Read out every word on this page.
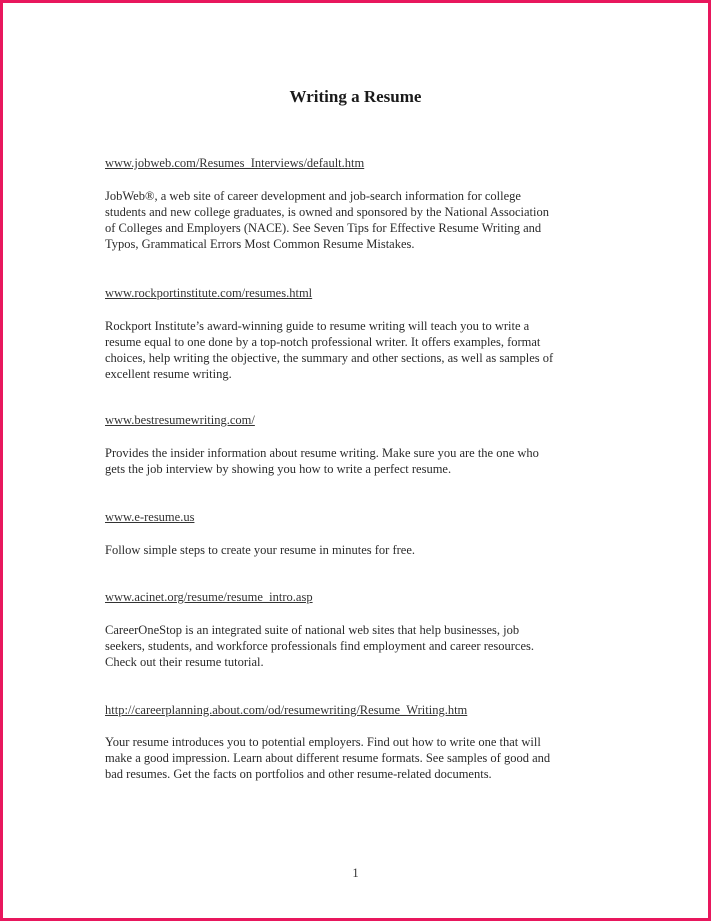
Writing a Resume
www.jobweb.com/Resumes_Interviews/default.htm
JobWeb®, a web site of career development and job-search information for college
students and new college graduates, is owned and sponsored by the National Association
of Colleges and Employers (NACE). See Seven Tips for Effective Resume Writing and
Typos, Grammatical Errors Most Common Resume Mistakes.
www.rockportinstitute.com/resumes.html
Rockport Institute’s award-winning guide to resume writing will teach you to write a
resume equal to one done by a top-notch professional writer. It offers examples, format
choices, help writing the objective, the summary and other sections, as well as samples of
excellent resume writing.
www.bestresumewriting.com/
Provides the insider information about resume writing. Make sure you are the one who
gets the job interview by showing you how to write a perfect resume.
www.e-resume.us
Follow simple steps to create your resume in minutes for free.
www.acinet.org/resume/resume_intro.asp
CareerOneStop is an integrated suite of national web sites that help businesses, job
seekers, students, and workforce professionals find employment and career resources.
Check out their resume tutorial.
http://careerplanning.about.com/od/resumewriting/Resume_Writing.htm
Your resume introduces you to potential employers. Find out how to write one that will
make a good impression. Learn about different resume formats. See samples of good and
bad resumes. Get the facts on portfolios and other resume-related documents.
1
